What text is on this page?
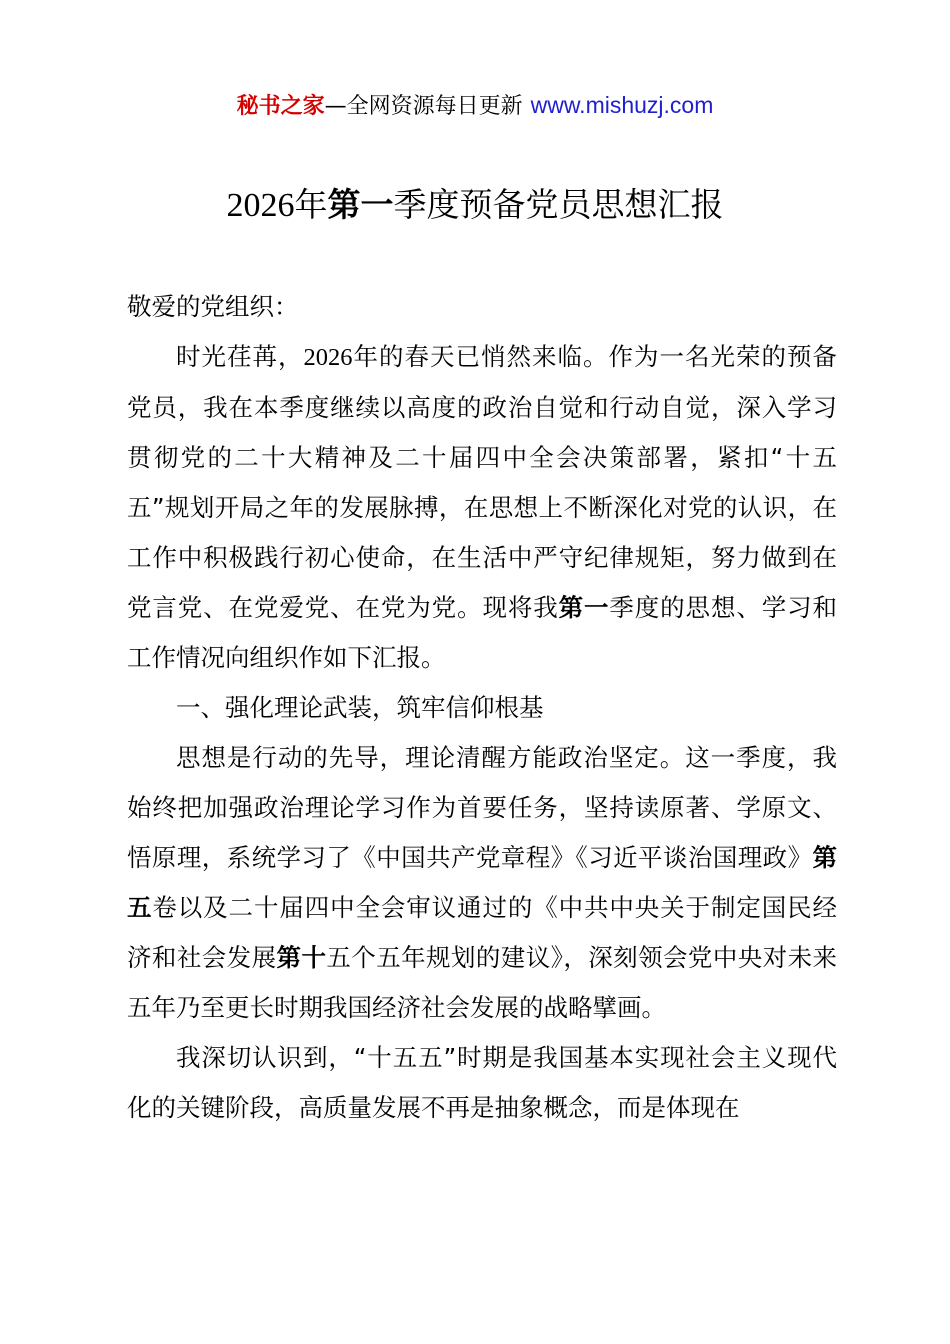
秘书之家—全网资源每日更新 www.mishuzj.com
2026年第一季度预备党员思想汇报

敬爱的党组织：

时光荏苒，2026年的春天已悄然来临。作为一名光荣的预备党员，我在本季度继续以高度的政治自觉和行动自觉，深入学习贯彻党的二十大精神及二十届四中全会决策部署，紧扣“十五五”规划开局之年的发展脉搏，在思想上不断深化对党的认识，在工作中积极践行初心使命，在生活中严守纪律规矩，努力做到在党言党、在党爱党、在党为党。现将我第一季度的思想、学习和工作情况向组织作如下汇报。

一、强化理论武装，筑牢信仰根基

思想是行动的先导，理论清醒方能政治坚定。这一季度，我始终把加强政治理论学习作为首要任务，坚持读原著、学原文、悟原理，系统学习了《中国共产党章程》《习近平谈治国理政》第五卷以及二十届四中全会审议通过的《中共中央关于制定国民经济和社会发展第十五个五年规划的建议》，深刻领会党中央对未来五年乃至更长时期我国经济社会发展的战略擘画。

我深切认识到，“十五五”时期是我国基本实现社会主义现代化的关键阶段，高质量发展不再是抽象概念，而是体现在
